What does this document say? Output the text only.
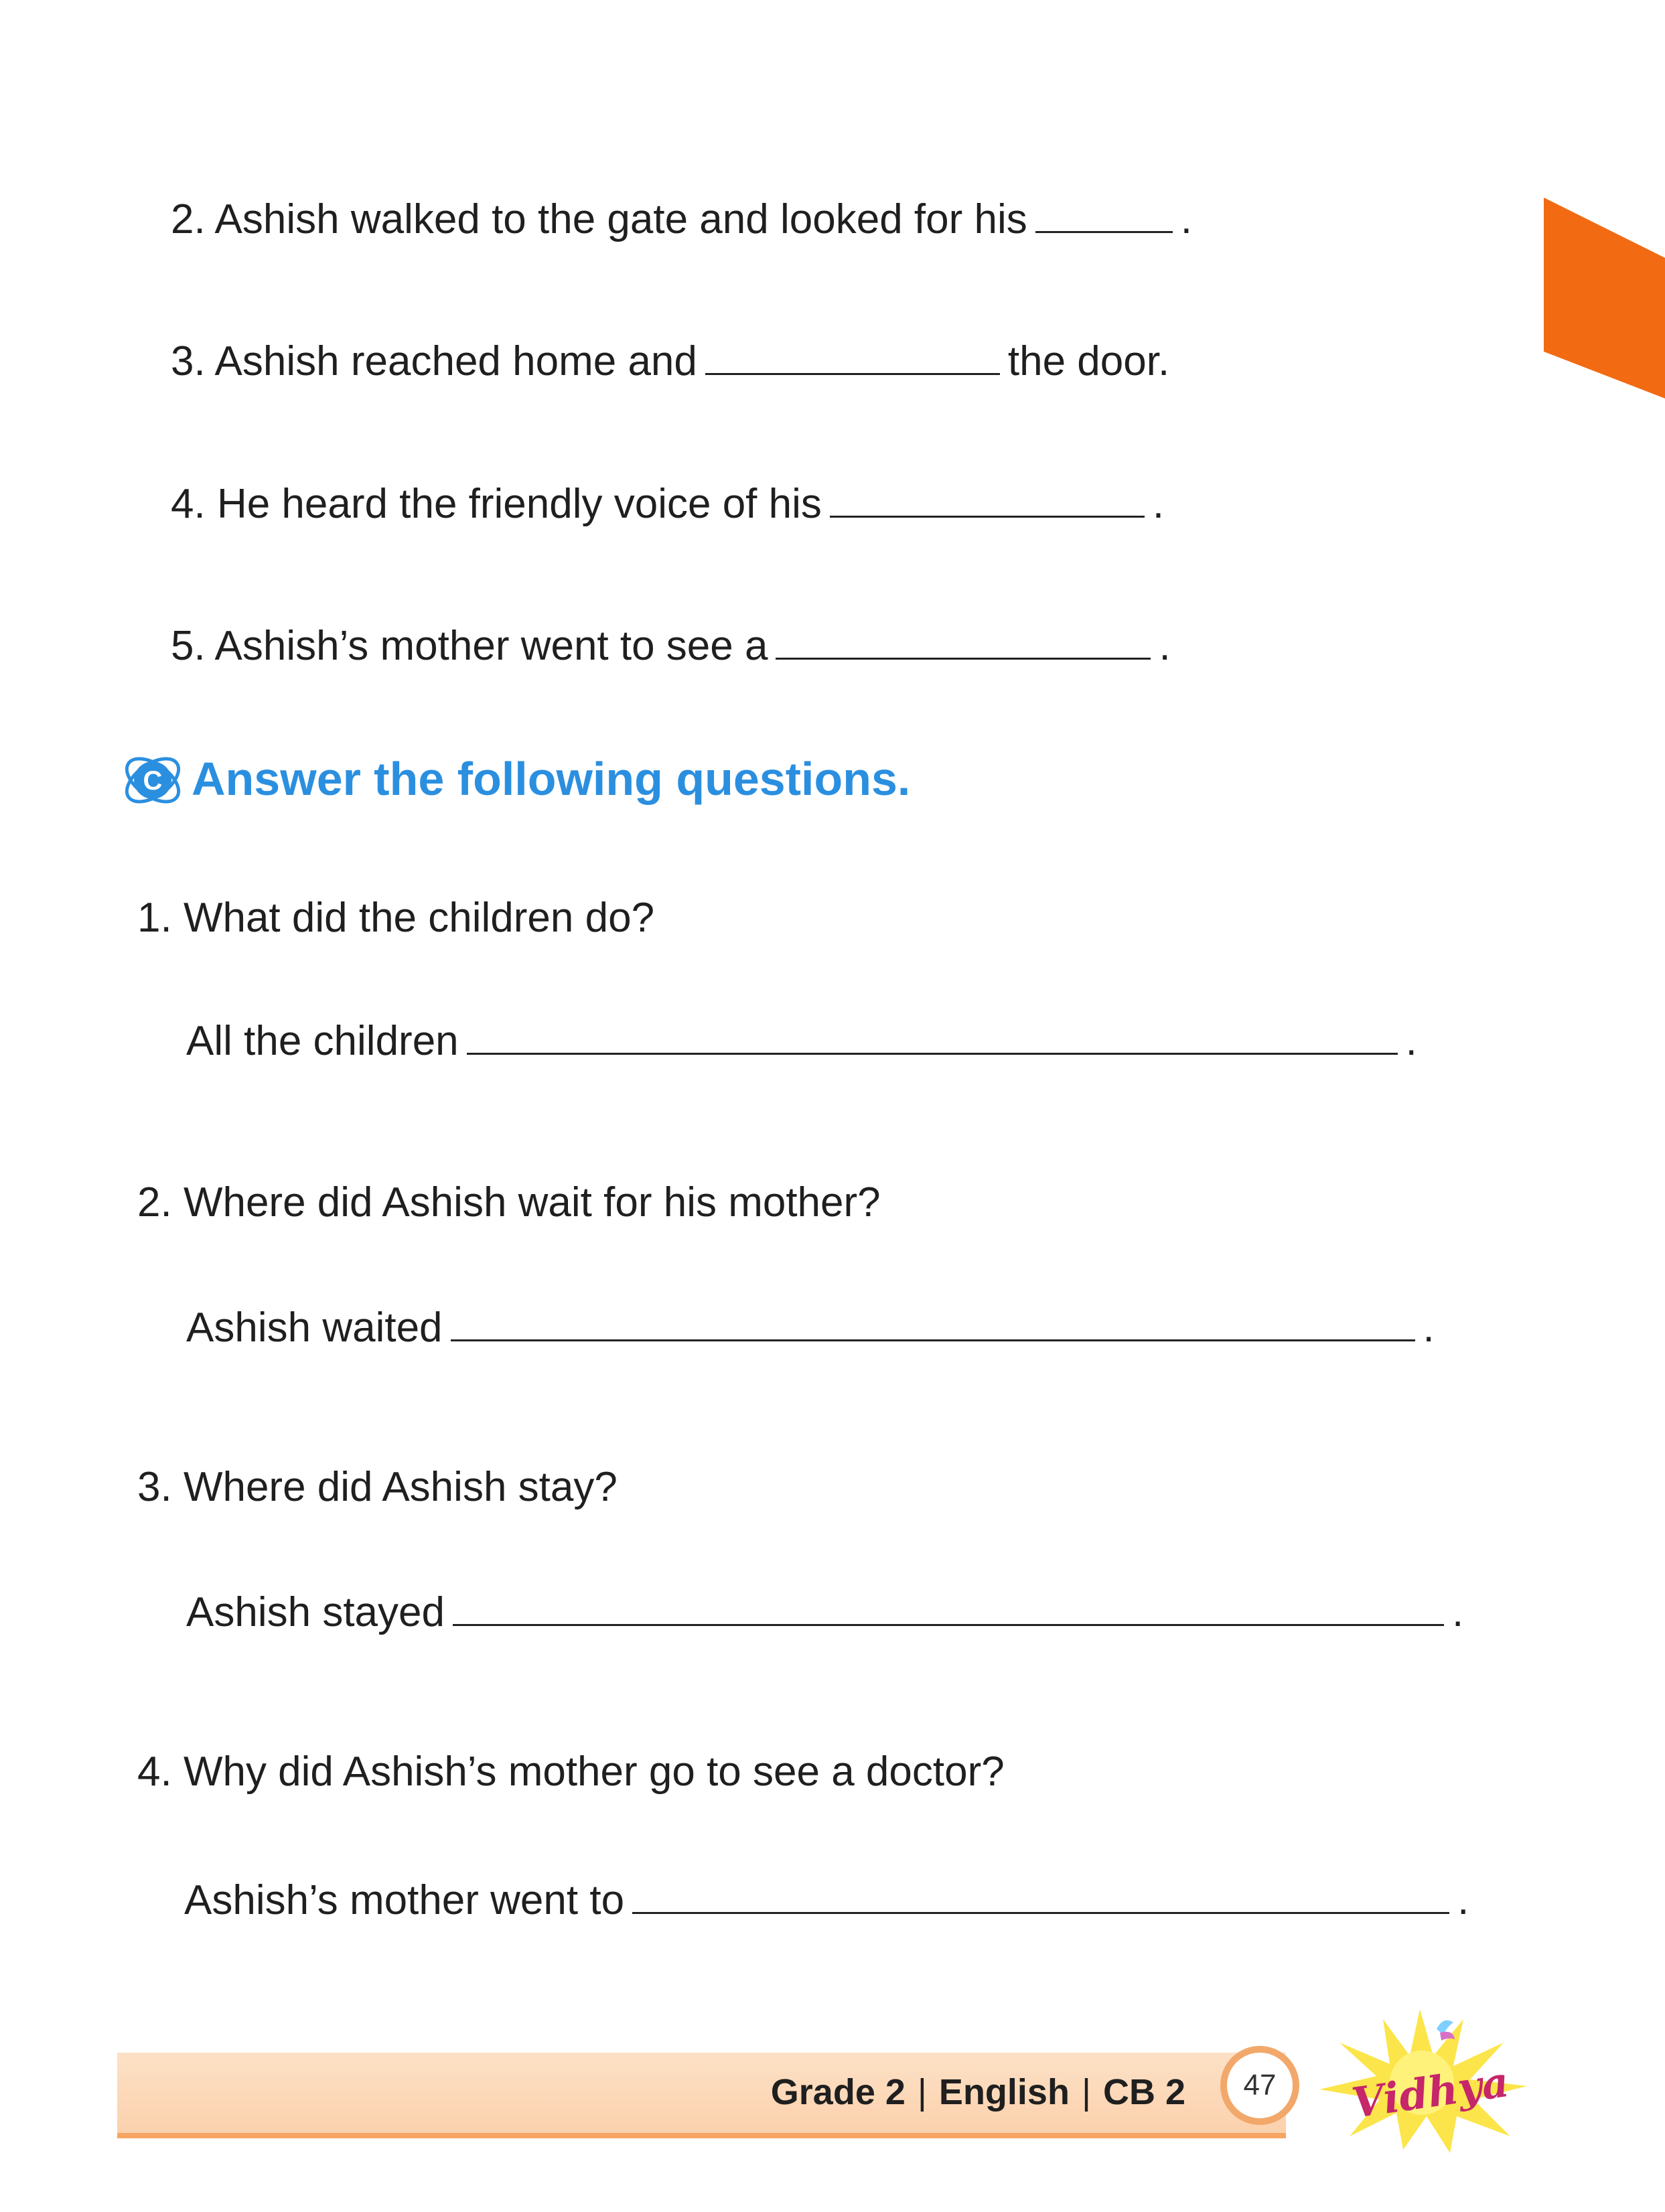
2. Ashish walked to the gate and looked for his	.
3. Ashish reached home and	the door.
4. He heard the friendly voice of his	.
5. Ashish’s mother went to see a	.
C Answer the following questions.
1. What did the children do?
All the children	.
2. Where did Ashish wait for his mother?
Ashish waited	.
3. Where did Ashish stay?
Ashish stayed	.
4. Why did Ashish’s mother go to see a doctor?
Ashish’s mother went to	.
Grade 2 | English | CB 2	47	Vidhya
